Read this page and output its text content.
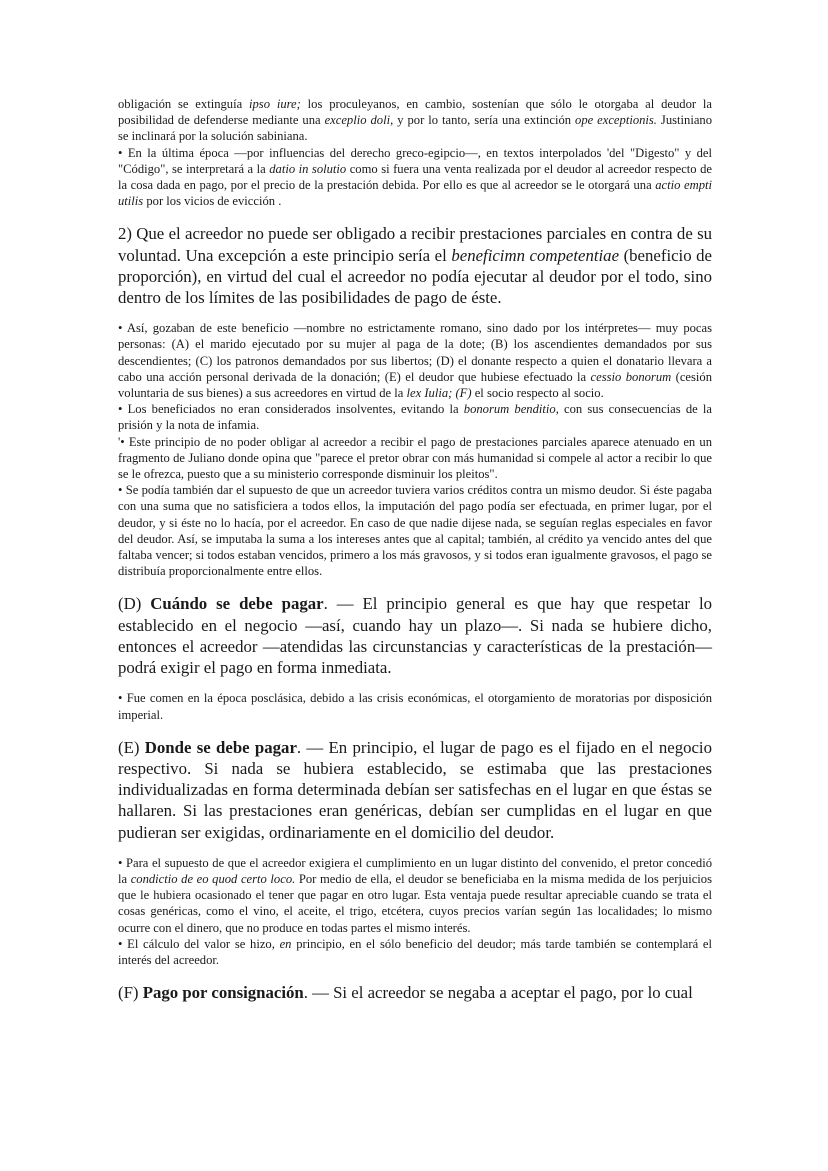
obligación se extinguía ipso iure; los proculeyanos, en cambio, sostenían que sólo le otorgaba al deudor la posibilidad de defenderse mediante una exceplio doli, y por lo tanto, sería una extinción ope exceptionis. Justiniano se inclinará por la solución sabiniana.

• En la última época —por influencias del derecho greco-egipcio—, en textos interpolados 'del "Digesto" y del "Código", se interpretará a la datio in solutio como si fuera una venta realizada por el deudor al acreedor respecto de la cosa dada en pago, por el precio de la prestación debida. Por ello es que al acreedor se le otorgará una actio empti utilis por los vicios de evicción .

2) Que el acreedor no puede ser obligado a recibir prestaciones parciales en contra de su voluntad. Una excepción a este principio sería el beneficimn competentiae (beneficio de proporción), en virtud del cual el acreedor no podía ejecutar al deudor por el todo, sino dentro de los límites de las posibilidades de pago de éste.

• Así, gozaban de este beneficio —nombre no estrictamente romano, sino dado por los intérpretes— muy pocas personas: (A) el marido ejecutado por su mujer al paga de la dote; (B) los ascendientes demandados por sus descendientes; (C) los patronos demandados por sus libertos; (D) el donante respecto a quien el donatario llevara a cabo una acción personal derivada de la donación; (E) el deudor que hubiese efectuado la cessio bonorum (cesión voluntaria de sus bienes) a sus acreedores en virtud de la lex Iulia; (F) el socio respecto al socio.

• Los beneficiados no eran considerados insolventes, evitando la bonorum benditio, con sus consecuencias de la prisión y la nota de infamia.

'• Este principio de no poder obligar al acreedor a recibir el pago de prestaciones parciales aparece atenuado en un fragmento de Juliano donde opina que "parece el pretor obrar con más humanidad si compele al actor a recibir lo que se le ofrezca, puesto que a su ministerio corresponde disminuir los pleitos".

• Se podía también dar el supuesto de que un acreedor tuviera varios créditos contra un mismo deudor. Si éste pagaba con una suma que no satisficiera a todos ellos, la imputación del pago podía ser efectuada, en primer lugar, por el deudor, y si éste no lo hacía, por el acreedor. En caso de que nadie dijese nada, se seguían reglas especiales en favor del deudor. Así, se imputaba la suma a los intereses antes que al capital; también, al crédito ya vencido antes del que faltaba vencer; si todos estaban vencidos, primero a los más gravosos, y si todos eran igualmente gravosos, el pago se distribuía proporcionalmente entre ellos.

(D) Cuándo se debe pagar. — El principio general es que hay que respetar lo establecido en el negocio —así, cuando hay un plazo—. Si nada se hubiere dicho, entonces el acreedor —atendidas las circunstancias y características de la prestación— podrá exigir el pago en forma inmediata.

• Fue comen en la época posclásica, debido a las crisis económicas, el otorgamiento de moratorias por disposición imperial.

(E) Donde se debe pagar. — En principio, el lugar de pago es el fijado en el negocio respectivo. Si nada se hubiera establecido, se estimaba que las prestaciones individualizadas en forma determinada debían ser satisfechas en el lugar en que éstas se hallaren. Si las prestaciones eran genéricas, debían ser cumplidas en el lugar en que pudieran ser exigidas, ordinariamente en el domicilio del deudor.

• Para el supuesto de que el acreedor exigiera el cumplimiento en un lugar distinto del convenido, el pretor concedió la condictio de eo quod certo loco. Por medio de ella, el deudor se beneficiaba en la misma medida de los perjuicios que le hubiera ocasionado el tener que pagar en otro lugar. Esta ventaja puede resultar apreciable cuando se trata el cosas genéricas, como el vino, el aceite, el trigo, etcétera, cuyos precios varían según 1as localidades; lo mismo ocurre con el dinero, que no produce en todas partes el mismo interés.

• El cálculo del valor se hizo, en principio, en el sólo beneficio del deudor; más tarde también se contemplará el interés del acreedor.

(F) Pago por consignación. — Si el acreedor se negaba a aceptar el pago, por lo cual
